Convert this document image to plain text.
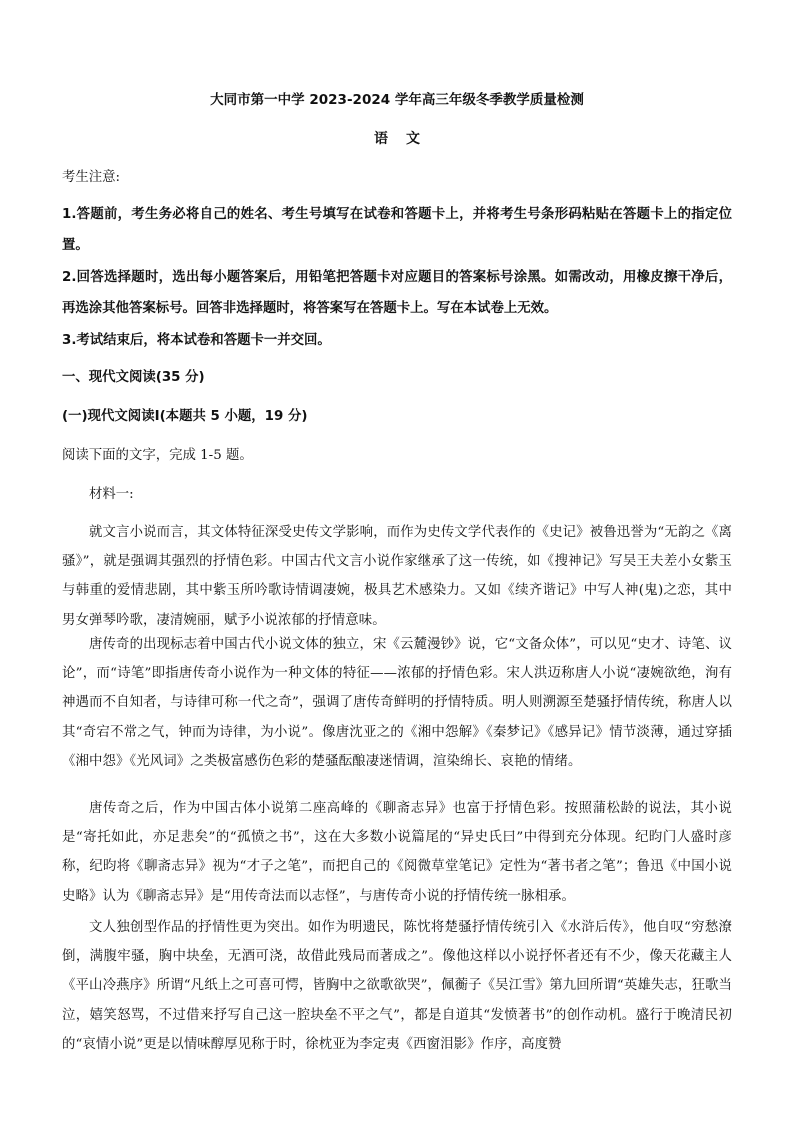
大同市第一中学 2023-2024 学年高三年级冬季教学质量检测
语文
考生注意:
1.答题前，考生务必将自己的姓名、考生号填写在试卷和答题卡上，并将考生号条形码粘贴在答题卡上的指定位置。
2.回答选择题时，选出每小题答案后，用铅笔把答题卡对应题目的答案标号涂黑。如需改动，用橡皮擦干净后，再选涂其他答案标号。回答非选择题时，将答案写在答题卡上。写在本试卷上无效。
3.考试结束后，将本试卷和答题卡一并交回。
一、现代文阅读(35 分)
(一)现代文阅读Ⅰ(本题共 5 小题，19 分)
阅读下面的文字，完成 1-5 题。
材料一:
就文言小说而言，其文体特征深受史传文学影响，而作为史传文学代表作的《史记》被鲁迅誉为“无韵之《离骚》”，就是强调其强烈的抒情色彩。中国古代文言小说作家继承了这一传统，如《搜神记》写吴王夫差小女紫玉与韩重的爱情悲剧，其中紫玉所吟歌诗情调凄婉，极具艺术感染力。又如《续齐谐记》中写人神(鬼)之恋，其中男女弹琴吟歌，凄清婉丽，赋予小说浓郁的抒情意味。
唐传奇的出现标志着中国古代小说文体的独立，宋《云麓漫钞》说，它“文备众体”，可以见“史才、诗笔、议论”，而“诗笔”即指唐传奇小说作为一种文体的特征——浓郁的抒情色彩。宋人洪迈称唐人小说“凄婉欲绝，洵有神遇而不自知者，与诗律可称一代之奇”，强调了唐传奇鲜明的抒情特质。明人则溯源至楚骚抒情传统，称唐人以其“奇宕不常之气，钟而为诗律，为小说”。像唐沈亚之的《湘中怨解》《秦梦记》《感异记》情节淡薄，通过穿插《湘中怨》《光风词》之类极富感伤色彩的楚骚酝酿凄迷情调，渲染绵长、哀艳的情绪。
唐传奇之后，作为中国古体小说第二座高峰的《聊斋志异》也富于抒情色彩。按照蒲松龄的说法，其小说是“寄托如此，亦足悲矣”的“孤愤之书”，这在大多数小说篇尾的“异史氏曰”中得到充分体现。纪昀门人盛时彦称，纪昀将《聊斋志异》视为“才子之笔”，而把自己的《阅微草堂笔记》定性为“著书者之笔”；鲁迅《中国小说史略》认为《聊斋志异》是“用传奇法而以志怪”，与唐传奇小说的抒情传统一脉相承。
文人独创型作品的抒情性更为突出。如作为明遗民，陈忱将楚骚抒情传统引入《水浒后传》，他自叹“穷愁潦倒，满腹牢骚，胸中块垒，无酒可浇，故借此残局而著成之”。像他这样以小说抒怀者还有不少，像天花藏主人《平山冷燕序》所谓“凡纸上之可喜可愕，皆胸中之欲歌欲哭”，佩蘅子《吴江雪》第九回所谓“英雄失志，狂歌当泣，嬉笑怒骂，不过借来抒写自己这一腔块垒不平之气”，都是自道其“发愤著书”的创作动机。盛行于晚清民初的“哀情小说”更是以情味醇厚见称于时，徐枕亚为李定夷《西窗泪影》作序，高度赞
